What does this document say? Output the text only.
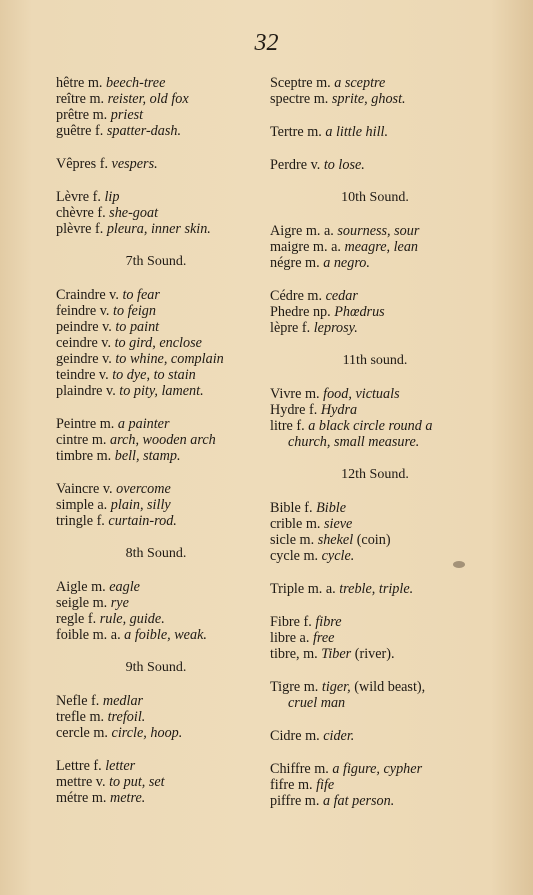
32
hêtre m. beech-tree
reître m. reister, old fox
prêtre m. priest
guêtre f. spatter-dash.
Vêpres f. vespers.
Lèvre f. lip
chèvre f. she-goat
plèvre f. pleura, inner skin.
7th Sound.
Craindre v. to fear
feindre v. to feign
peindre v. to paint
ceindre v. to gird, enclose
geindre v. to whine, complain
teindre v. to dye, to stain
plaindre v. to pity, lament.
Peintre m. a painter
cintre m. arch, wooden arch
timbre m. bell, stamp.
Vaincre v. overcome
simple a. plain, silly
tringle f. curtain-rod.
8th Sound.
Aigle m. eagle
seigle m. rye
regle f. rule, guide.
foible m. a. a foible, weak.
9th Sound.
Nefle f. medlar
trefle m. trefoil.
cercle m. circle, hoop.
Lettre f. letter
mettre v. to put, set
métre m. metre.
Sceptre m. a sceptre
spectre m. sprite, ghost.
Tertre m. a little hill.
Perdre v. to lose.
10th Sound.
Aigre m. a. sourness, sour
maigre m. a. meagre, lean
négre m. a negro.
Cédre m. cedar
Phedre np. Phœdrus
lèpre f. leprosy.
11th sound.
Vivre m. food, victuals
Hydre f. Hydra
litre f. a black circle round a
church, small measure.
12th Sound.
Bible f. Bible
crible m. sieve
sicle m. shekel (coin)
cycle m. cycle.
Triple m. a. treble, triple.
Fibre f. fibre
libre a. free
tibre, m. Tiber (river).
Tigre m. tiger, (wild beast),
cruel man
Cidre m. cider.
Chiffre m. a figure, cypher
fifre m. fife
piffre m. a fat person.
